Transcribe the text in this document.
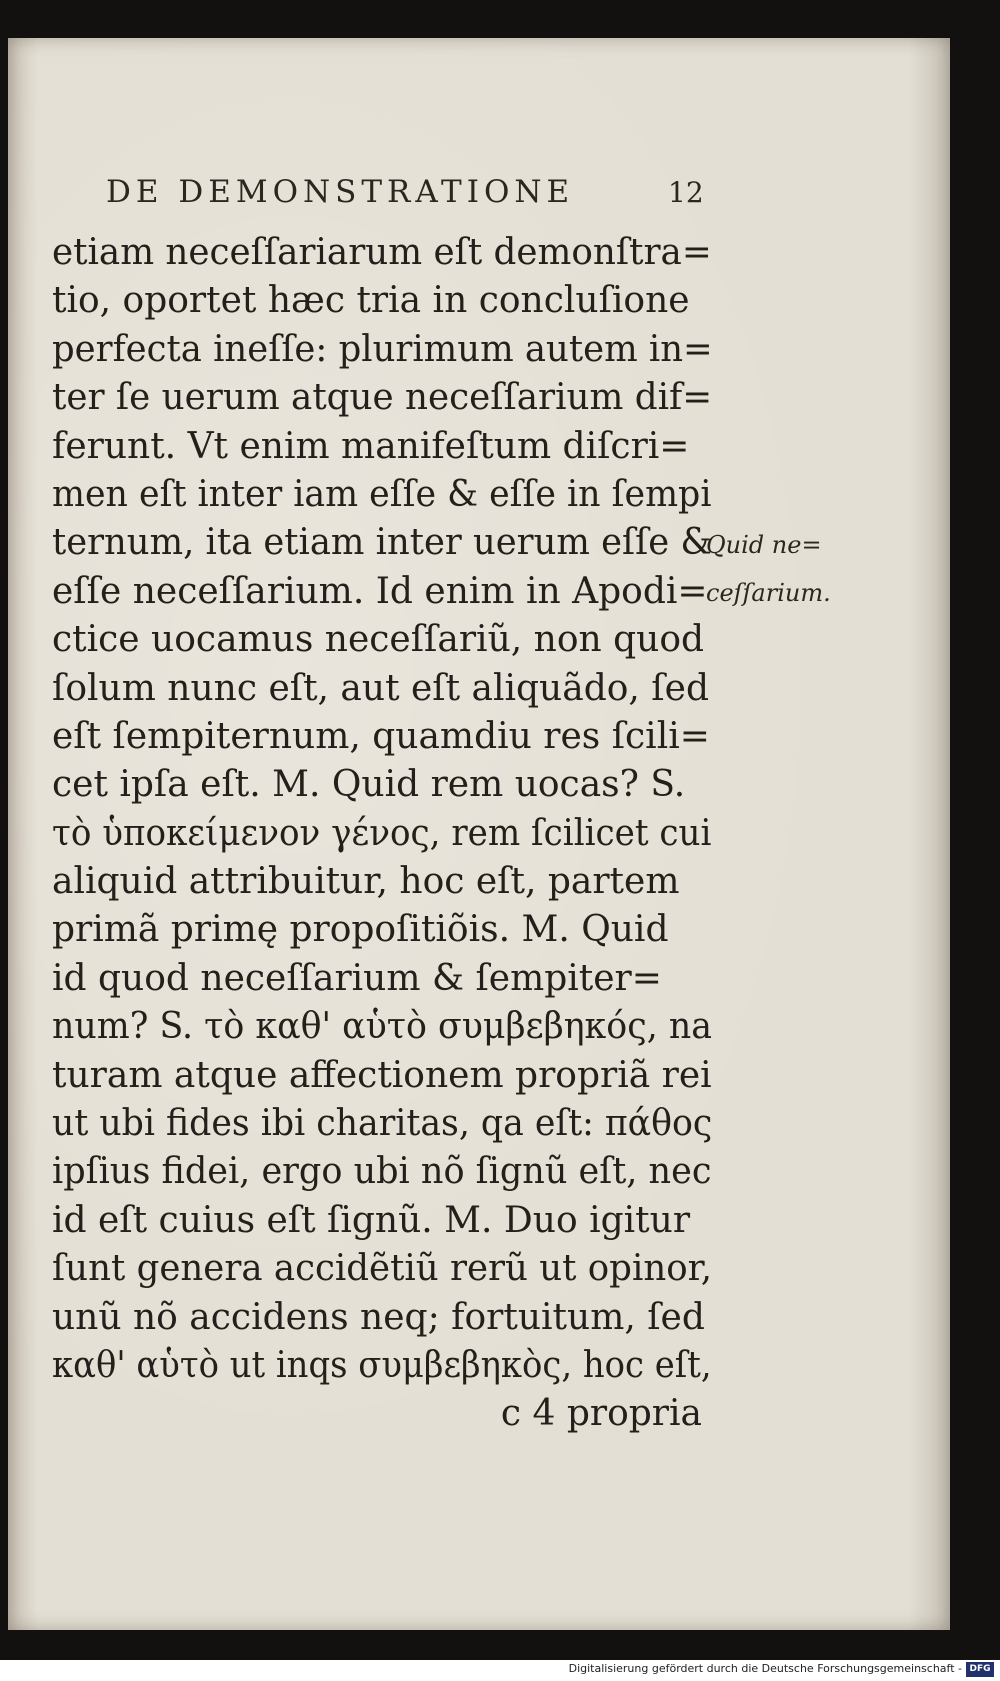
DE DEMONSTRATIONE	12
etiam neceſſariarum eſt demonſtra=
tio, oportet hæc tria in concluſione
perfecta ineſſe: plurimum autem in=
ter ſe uerum atque neceſſarium dif=
ferunt. Vt enim manifeſtum diſcri=
men eſt inter iam eſſe & eſſe in ſempi
ternum, ita etiam inter uerum eſſe &
eſſe neceſſarium. Id enim in Apodi=
ctice uocamus neceſſariũ, non quod
ſolum nunc eſt, aut eſt aliquãdo, ſed
eſt ſempiternum, quamdiu res ſcili=
cet ipſa eſt. M. Quid rem uocas? S.
τὸ ὑποκείμενον γένος, rem ſcilicet cui
aliquid attribuitur, hoc eſt, partem
primã primę propoſitiõis. M. Quid
id quod neceſſarium & ſempiter=
num? S. τὸ καθ' αὑτὸ συμβεβηκός, na
turam atque affectionem propriã rei
ut ubi fides ibi charitas, qa eſt: πάθος
ipſius fidei, ergo ubi nõ ſignũ eſt, nec
id eſt cuius eſt ſignũ. M. Duo igitur
ſunt genera accidẽtiũ rerũ ut opinor,
unũ nõ accidens neq; fortuitum, ſed
καθ' αὑτὸ ut inqs συμβεβηκὸς, hoc eſt,
c 4 propria
Quid ne=
ceſſarium.
Digitalisierung gefördert durch die Deutsche Forschungsgemeinschaft - DFG
